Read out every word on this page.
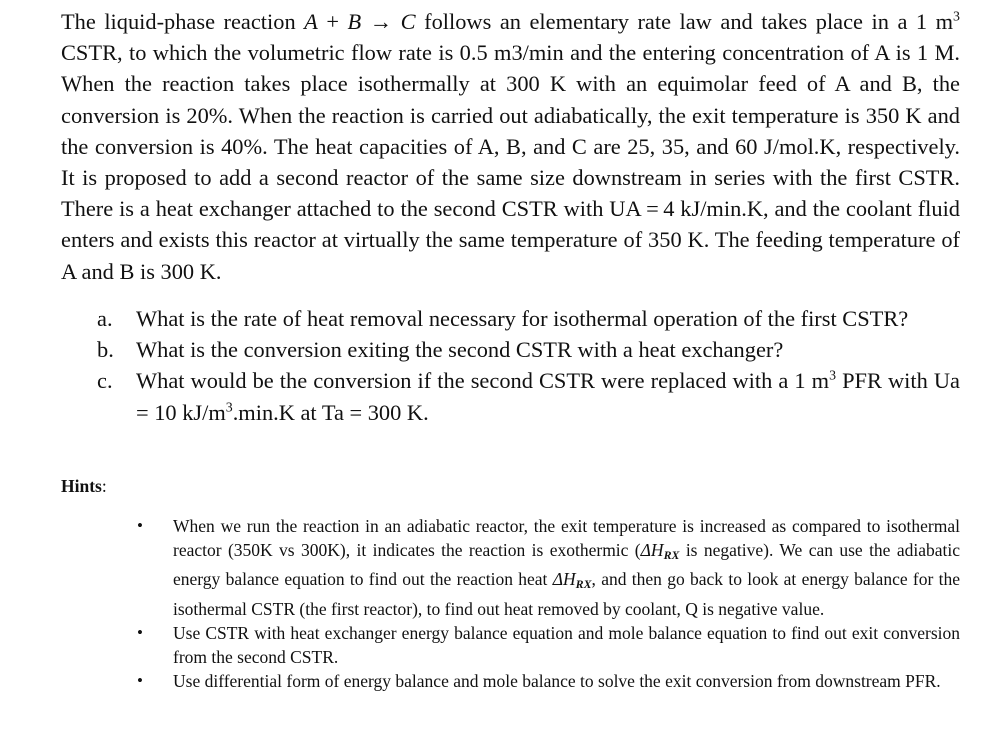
The liquid-phase reaction A + B → C follows an elementary rate law and takes place in a 1 $m^3$ CSTR, to which the volumetric flow rate is 0.5 m3/min and the entering concentration of A is 1 M. When the reaction takes place isothermally at 300 K with an equimolar feed of A and B, the conversion is 20%. When the reaction is carried out adiabatically, the exit temperature is 350 K and the conversion is 40%. The heat capacities of A, B, and C are 25, 35, and 60 J/mol.K, respectively. It is proposed to add a second reactor of the same size downstream in series with the first CSTR. There is a heat exchanger attached to the second CSTR with UA = 4 kJ/min.K, and the coolant fluid enters and exists this reactor at virtually the same temperature of 350 K. The feeding temperature of A and B is 300 K.

a. What is the rate of heat removal necessary for isothermal operation of the first CSTR?
b. What is the conversion exiting the second CSTR with a heat exchanger?
c. What would be the conversion if the second CSTR were replaced with a 1 $m^3$ PFR with Ua = 10 $kJ/m^3.\min.K$ at Ta = 300 K.

Hints:

• When we run the reaction in an adiabatic reactor, the exit temperature is increased as compared to isothermal reactor (350K vs 300K), it indicates the reaction is exothermic ($\Delta H_{RX}$ is negative). We can use the adiabatic energy balance equation to find out the reaction heat $\Delta H_{RX}$, and then go back to look at energy balance for the isothermal CSTR (the first reactor), to find out heat removed by coolant, Q is negative value.
• Use CSTR with heat exchanger energy balance equation and mole balance equation to find out exit conversion from the second CSTR.
• Use differential form of energy balance and mole balance to solve the exit conversion from downstream PFR.
